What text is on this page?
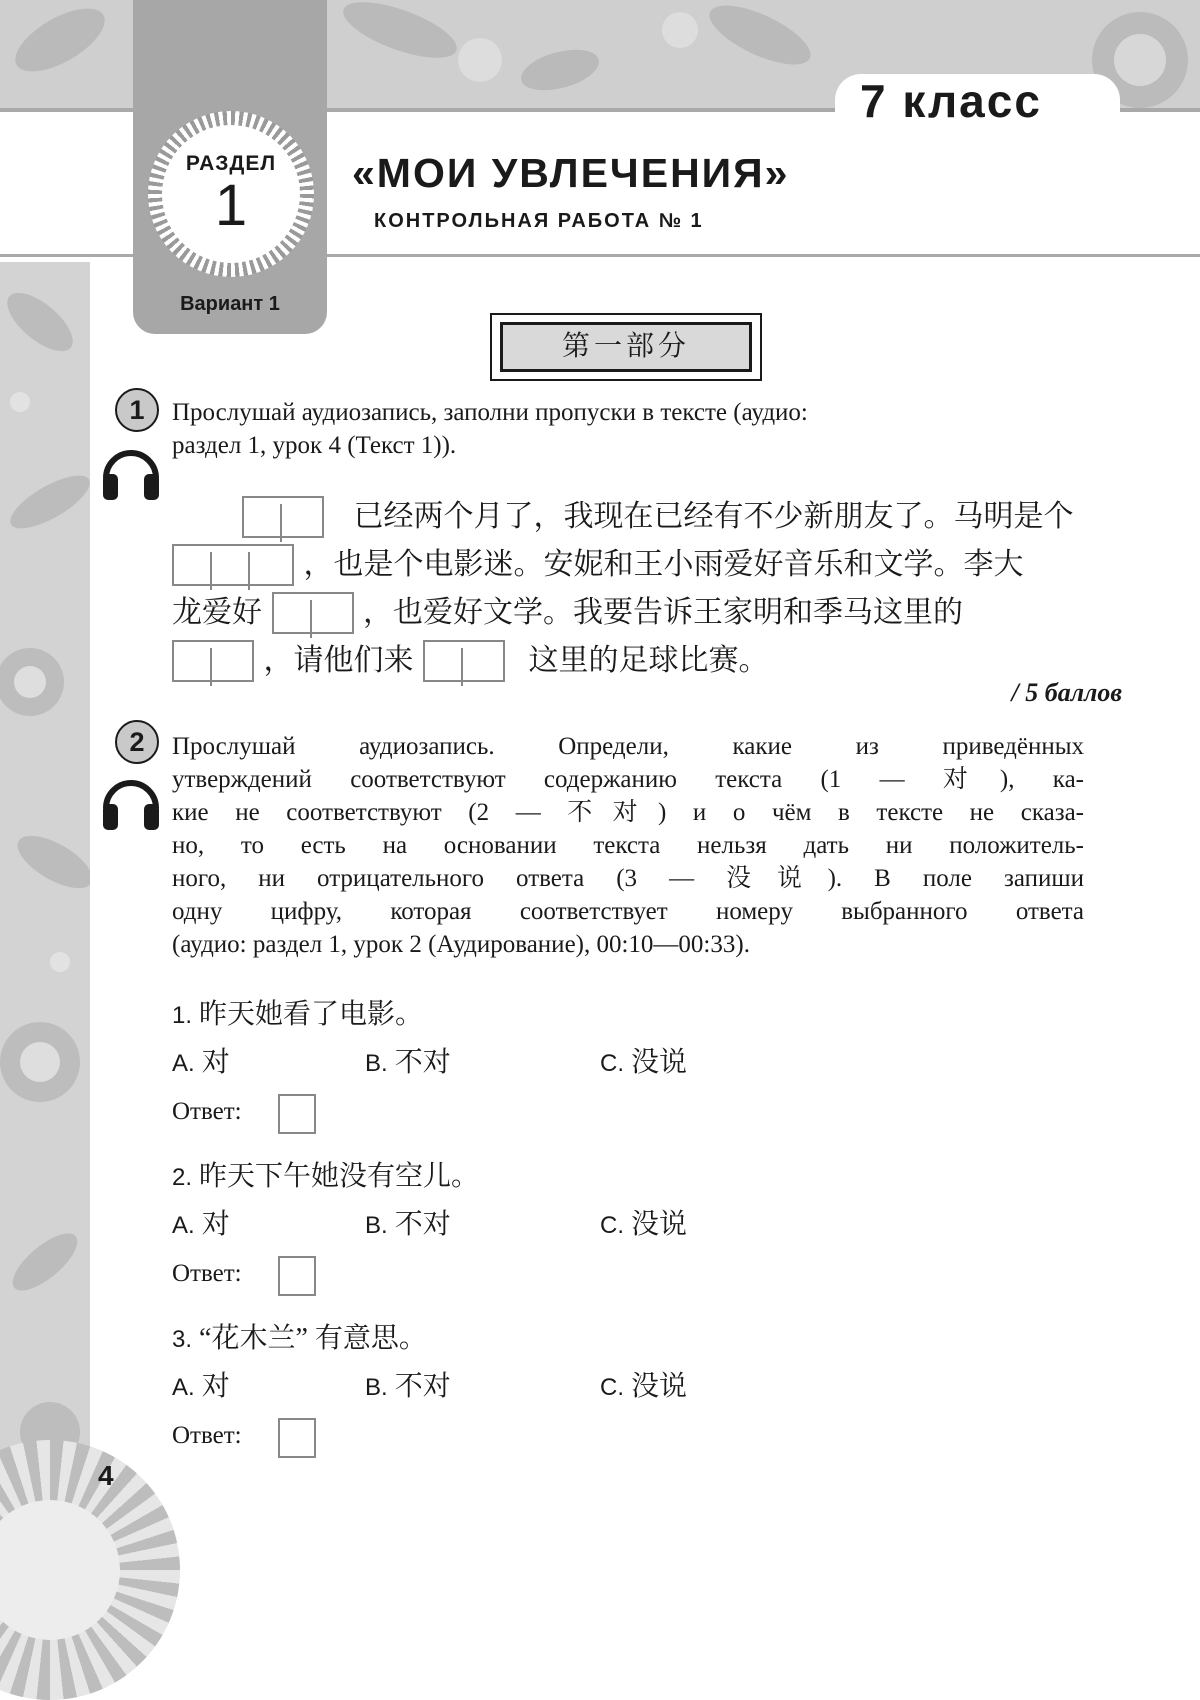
7 класс
РАЗДЕЛ
1
Вариант 1
«МОИ УВЛЕЧЕНИЯ»
КОНТРОЛЬНАЯ РАБОТА № 1
第一部分
1	Прослушай аудиозапись, заполни пропуски в тексте (аудио:
раздел 1, урок 4 (Текст 1)).
已经两个月了，我现在已经有不少新朋友了。马明是个
，也是个电影迷。安妮和王小雨爱好音乐和文学。李大
龙爱好	，也爱好文学。我要告诉王家明和季马这里的
，请他们来	这里的足球比赛。
/ 5 баллов
2	Прослушай аудиозапись. Определи, какие из приведённых
утверждений соответствуют содержанию текста (1 — 对), ка-
кие не соответствуют (2 — 不对) и о чём в тексте не сказа-
но, то есть на основании текста нельзя дать ни положитель-
ного, ни отрицательного ответа (3 — 没说). В поле запиши
одну цифру, которая соответствует номеру выбранного ответа
(аудио: раздел 1, урок 2 (Аудирование), 00:10—00:33).
1. 昨天她看了电影。
A. 对	B. 不对	C. 没说
Ответ:
2. 昨天下午她没有空儿。
A. 对	B. 不对	C. 没说
Ответ:
3. “花木兰” 有意思。
A. 对	B. 不对	C. 没说
Ответ:
4
